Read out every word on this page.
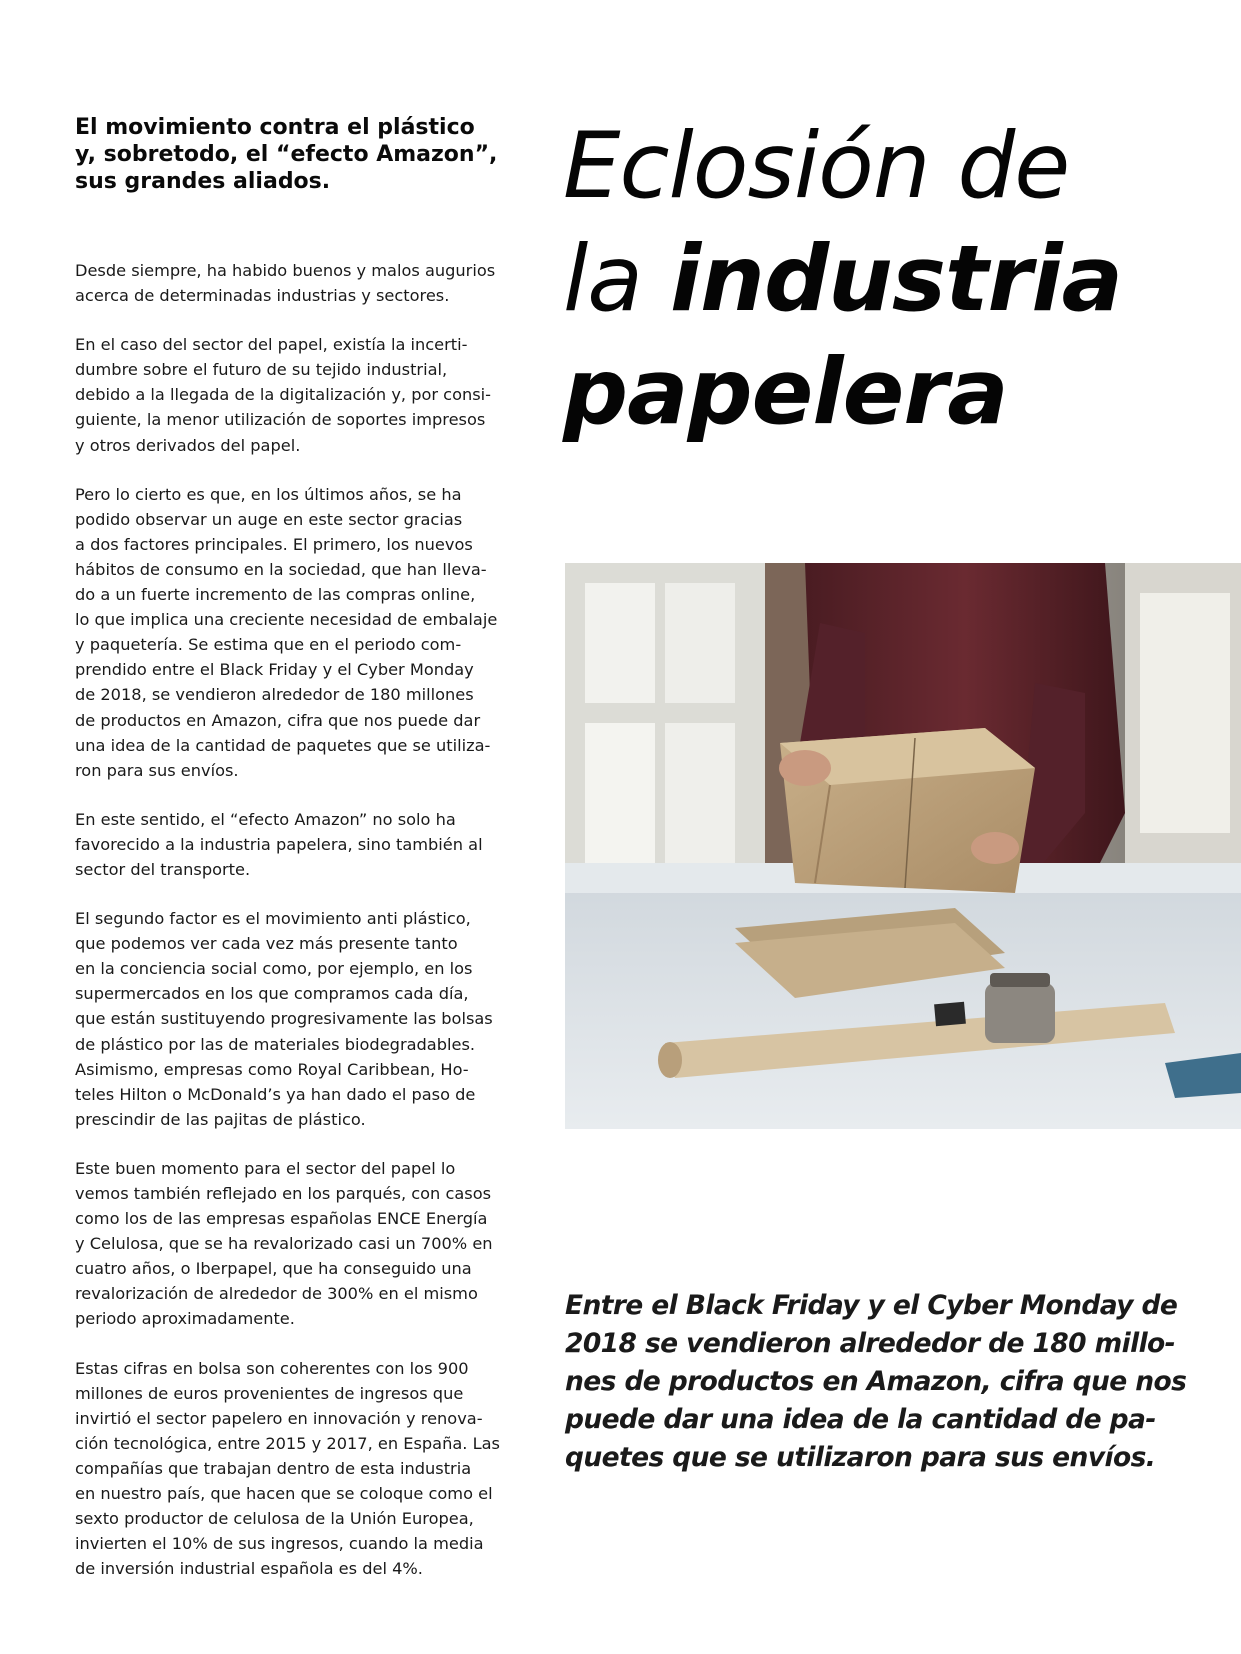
El movimiento contra el plástico
y, sobretodo, el “efecto Amazon”,
sus grandes aliados.

Desde siempre, ha habido buenos y malos augurios
acerca de determinadas industrias y sectores.

En el caso del sector del papel, existía la incerti-
dumbre sobre el futuro de su tejido industrial,
debido a la llegada de la digitalización y, por consi-
guiente, la menor utilización de soportes impresos
y otros derivados del papel.

Pero lo cierto es que, en los últimos años, se ha
podido observar un auge en este sector gracias
a dos factores principales. El primero, los nuevos
hábitos de consumo en la sociedad, que han lleva-
do a un fuerte incremento de las compras online,
lo que implica una creciente necesidad de embalaje
y paquetería. Se estima que en el periodo com-
prendido entre el Black Friday y el Cyber Monday
de 2018, se vendieron alrededor de 180 millones
de productos en Amazon, cifra que nos puede dar
una idea de la cantidad de paquetes que se utiliza-
ron para sus envíos.

En este sentido, el “efecto Amazon” no solo ha
favorecido a la industria papelera, sino también al
sector del transporte.

El segundo factor es el movimiento anti plástico,
que podemos ver cada vez más presente tanto
en la conciencia social como, por ejemplo, en los
supermercados en los que compramos cada día,
que están sustituyendo progresivamente las bolsas
de plástico por las de materiales biodegradables.
Asimismo, empresas como Royal Caribbean, Ho-
teles Hilton o McDonald’s ya han dado el paso de
prescindir de las pajitas de plástico.

Este buen momento para el sector del papel lo
vemos también reflejado en los parqués, con casos
como los de las empresas españolas ENCE Energía
y Celulosa, que se ha revalorizado casi un 700% en
cuatro años, o Iberpapel, que ha conseguido una
revalorización de alrededor de 300% en el mismo
periodo aproximadamente.

Estas cifras en bolsa son coherentes con los 900
millones de euros provenientes de ingresos que
invirtió el sector papelero en innovación y renova-
ción tecnológica, entre 2015 y 2017, en España. Las
compañías que trabajan dentro de esta industria
en nuestro país, que hacen que se coloque como el
sexto productor de celulosa de la Unión Europea,
invierten el 10% de sus ingresos, cuando la media
de inversión industrial española es del 4%.

Eclosión de
la industria
papelera
Entre el Black Friday y el Cyber Monday de
2018 se vendieron alrededor de 180 millo-
nes de productos en Amazon, cifra que nos
puede dar una idea de la cantidad de pa-
quetes que se utilizaron para sus envíos.
